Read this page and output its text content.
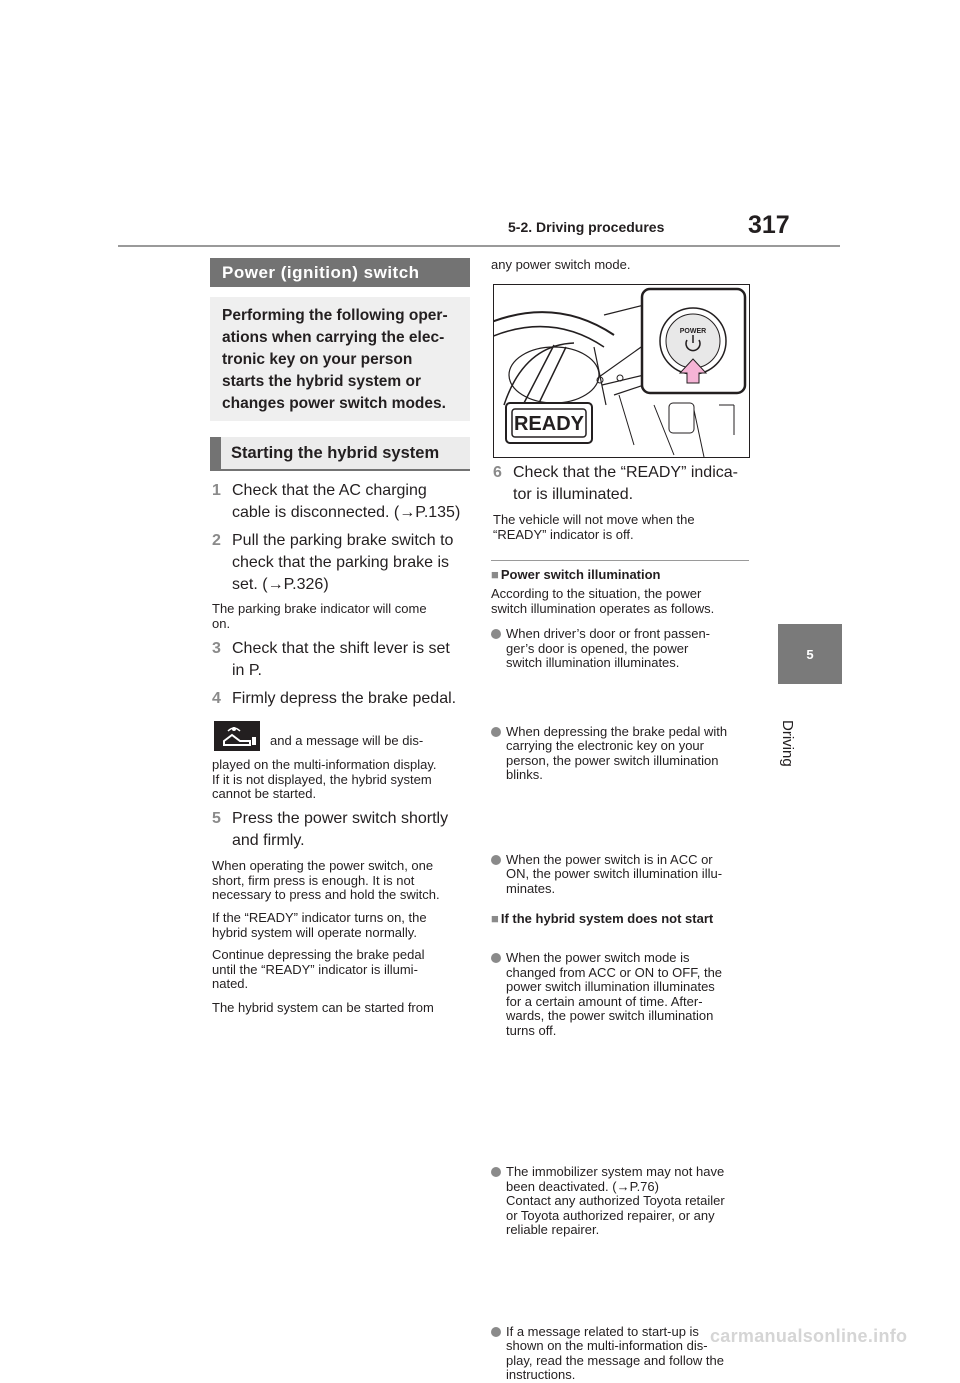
5-2. Driving procedures	317
5
Driving
Power (ignition) switch
Performing the following oper-
ations when carrying the elec-
tronic key on your person
starts the hybrid system or
changes power switch modes.
Starting the hybrid system
1 Check that the AC charging
cable is disconnected. (→P.135)
2 Pull the parking brake switch to
check that the parking brake is
set. (→P.326)
The parking brake indicator will come
on.
3 Check that the shift lever is set
in P.
4 Firmly depress the brake pedal.
and a message will be dis-
played on the multi-information display.
If it is not displayed, the hybrid system
cannot be started.
5 Press the power switch shortly
and firmly.
When operating the power switch, one
short, firm press is enough. It is not
necessary to press and hold the switch.
If the “READY” indicator turns on, the
hybrid system will operate normally.
Continue depressing the brake pedal
until the “READY” indicator is illumi-
nated.
The hybrid system can be started from
any power switch mode.
POWER
READY
6 Check that the “READY” indica-
tor is illuminated.
The vehicle will not move when the
“READY” indicator is off.
■ Power switch illumination
According to the situation, the power
switch illumination operates as follows.
When driver’s door or front passen-
ger’s door is opened, the power
switch illumination illuminates.
When depressing the brake pedal with
carrying the electronic key on your
person, the power switch illumination
blinks.
When the power switch is in ACC or
ON, the power switch illumination illu-
minates.
When the power switch mode is
changed from ACC or ON to OFF, the
power switch illumination illuminates
for a certain amount of time. After-
wards, the power switch illumination
turns off.
■ If the hybrid system does not start
The immobilizer system may not have
been deactivated. (→P.76)
Contact any authorized Toyota retailer
or Toyota authorized repairer, or any
reliable repairer.
If a message related to start-up is
shown on the multi-information dis-
play, read the message and follow the
instructions.
carmanualsonline.info
